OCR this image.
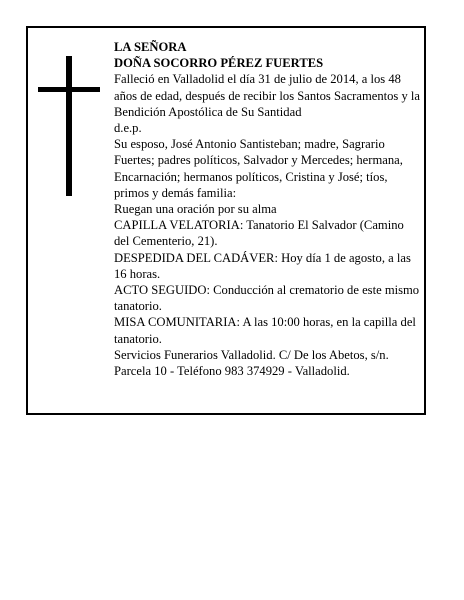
LA SEÑORA

DOÑA SOCORRO PÉREZ FUERTES

Falleció en Valladolid el día 31 de julio de 2014, a los 48 años de edad, después de recibir los Santos Sacramentos y la Bendición Apostólica de Su Santidad

d.e.p.

Su esposo, José Antonio Santisteban; madre, Sagrario Fuertes; padres políticos, Salvador y Mercedes; hermana, Encarnación; hermanos políticos, Cristina y José; tíos, primos y demás familia:

Ruegan una oración por su alma

CAPILLA VELATORIA: Tanatorio El Salvador (Camino del Cementerio, 21).

DESPEDIDA DEL CADÁVER: Hoy día 1 de agosto, a las 16 horas.

ACTO SEGUIDO: Conducción al crematorio de este mismo tanatorio.

MISA COMUNITARIA: A las 10:00 horas, en la capilla del tanatorio.

Servicios Funerarios Valladolid. C/ De los Abetos, s/n. Parcela 10 - Teléfono 983 374929 - Valladolid.
